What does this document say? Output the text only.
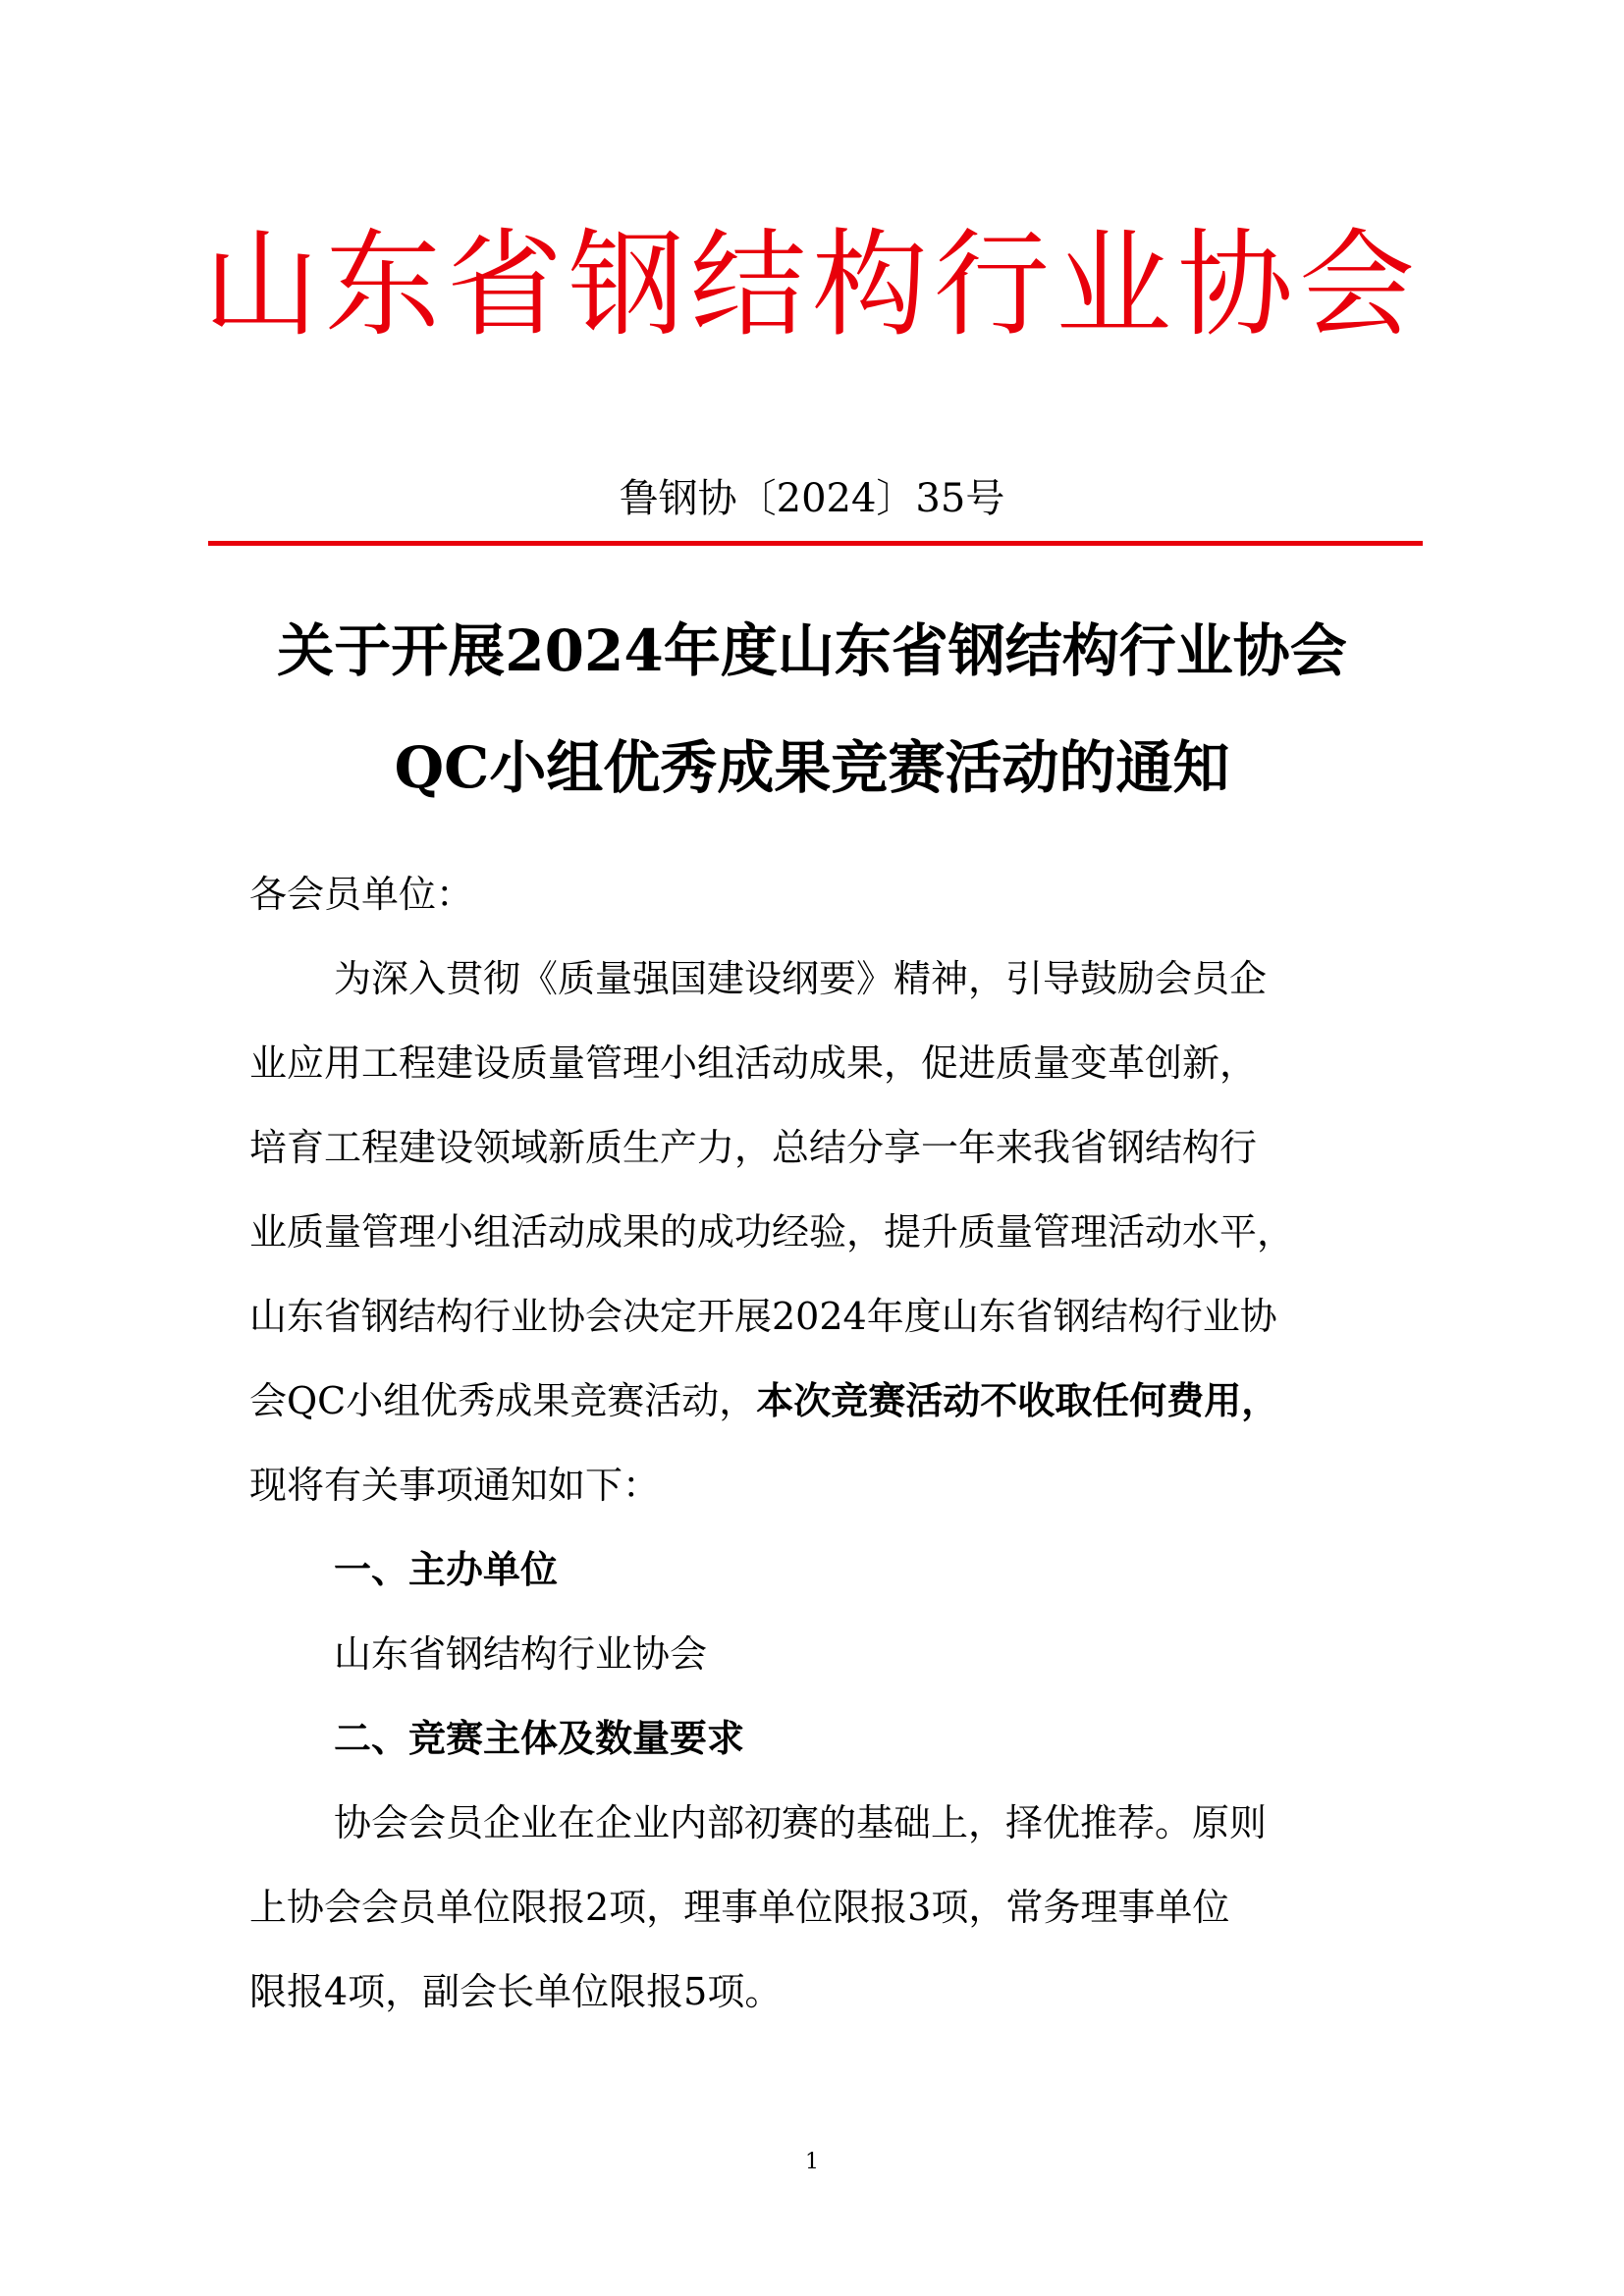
山东省钢结构行业协会
鲁钢协〔2024〕35号
关于开展2024年度山东省钢结构行业协会
QC小组优秀成果竞赛活动的通知

各会员单位：

为深入贯彻《质量强国建设纲要》精神，引导鼓励会员企

业应用工程建设质量管理小组活动成果，促进质量变革创新，

培育工程建设领域新质生产力，总结分享一年来我省钢结构行

业质量管理小组活动成果的成功经验，提升质量管理活动水平，

山东省钢结构行业协会决定开展2024年度山东省钢结构行业协

会QC小组优秀成果竞赛活动，本次竞赛活动不收取任何费用，

现将有关事项通知如下：

一、主办单位

山东省钢结构行业协会

二、竞赛主体及数量要求

协会会员企业在企业内部初赛的基础上，择优推荐。原则

上协会会员单位限报2项，理事单位限报3项，常务理事单位

限报4项，副会长单位限报5项。

1
